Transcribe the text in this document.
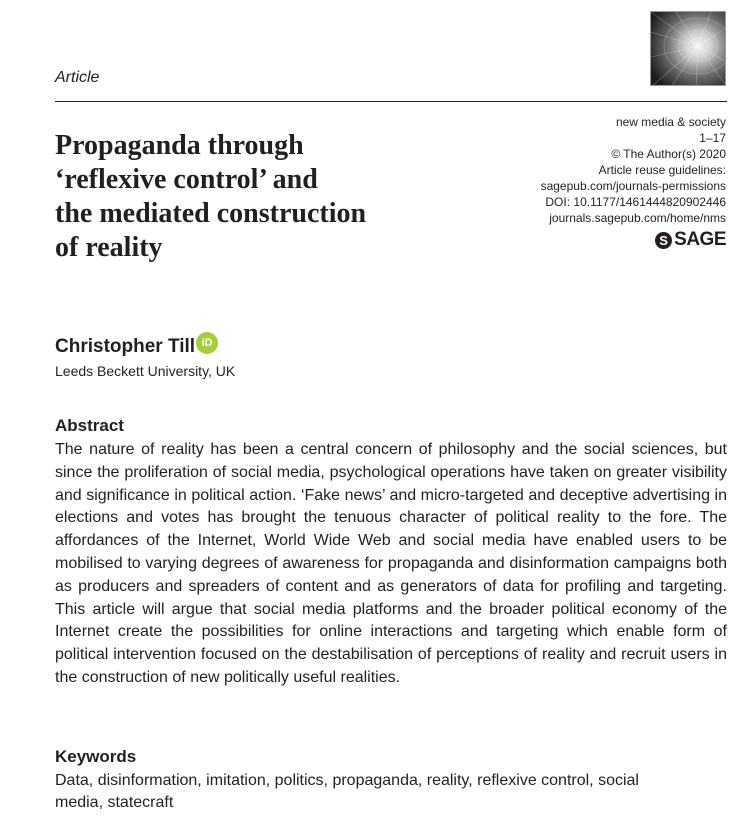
Article
new media & society
1–17
© The Author(s) 2020
Article reuse guidelines:
sagepub.com/journals-permissions
DOI: 10.1177/1461444820902446
journals.sagepub.com/home/nms
S SAGE
Propaganda through
‘reflexive control’ and
the mediated construction
of reality
Christopher Till iD
Leeds Beckett University, UK
Abstract

The nature of reality has been a central concern of philosophy and the social sciences, but since the proliferation of social media, psychological operations have taken on greater visibility and significance in political action. ‘Fake news’ and micro-targeted and deceptive advertising in elections and votes has brought the tenuous character of political reality to the fore. The affordances of the Internet, World Wide Web and social media have enabled users to be mobilised to varying degrees of awareness for propaganda and disinformation campaigns both as producers and spreaders of content and as generators of data for profiling and targeting. This article will argue that social media platforms and the broader political economy of the Internet create the possibilities for online interactions and targeting which enable form of political intervention focused on the destabilisation of perceptions of reality and recruit users in the construction of new politically useful realities.

Keywords

Data, disinformation, imitation, politics, propaganda, reality, reflexive control, social media, statecraft
